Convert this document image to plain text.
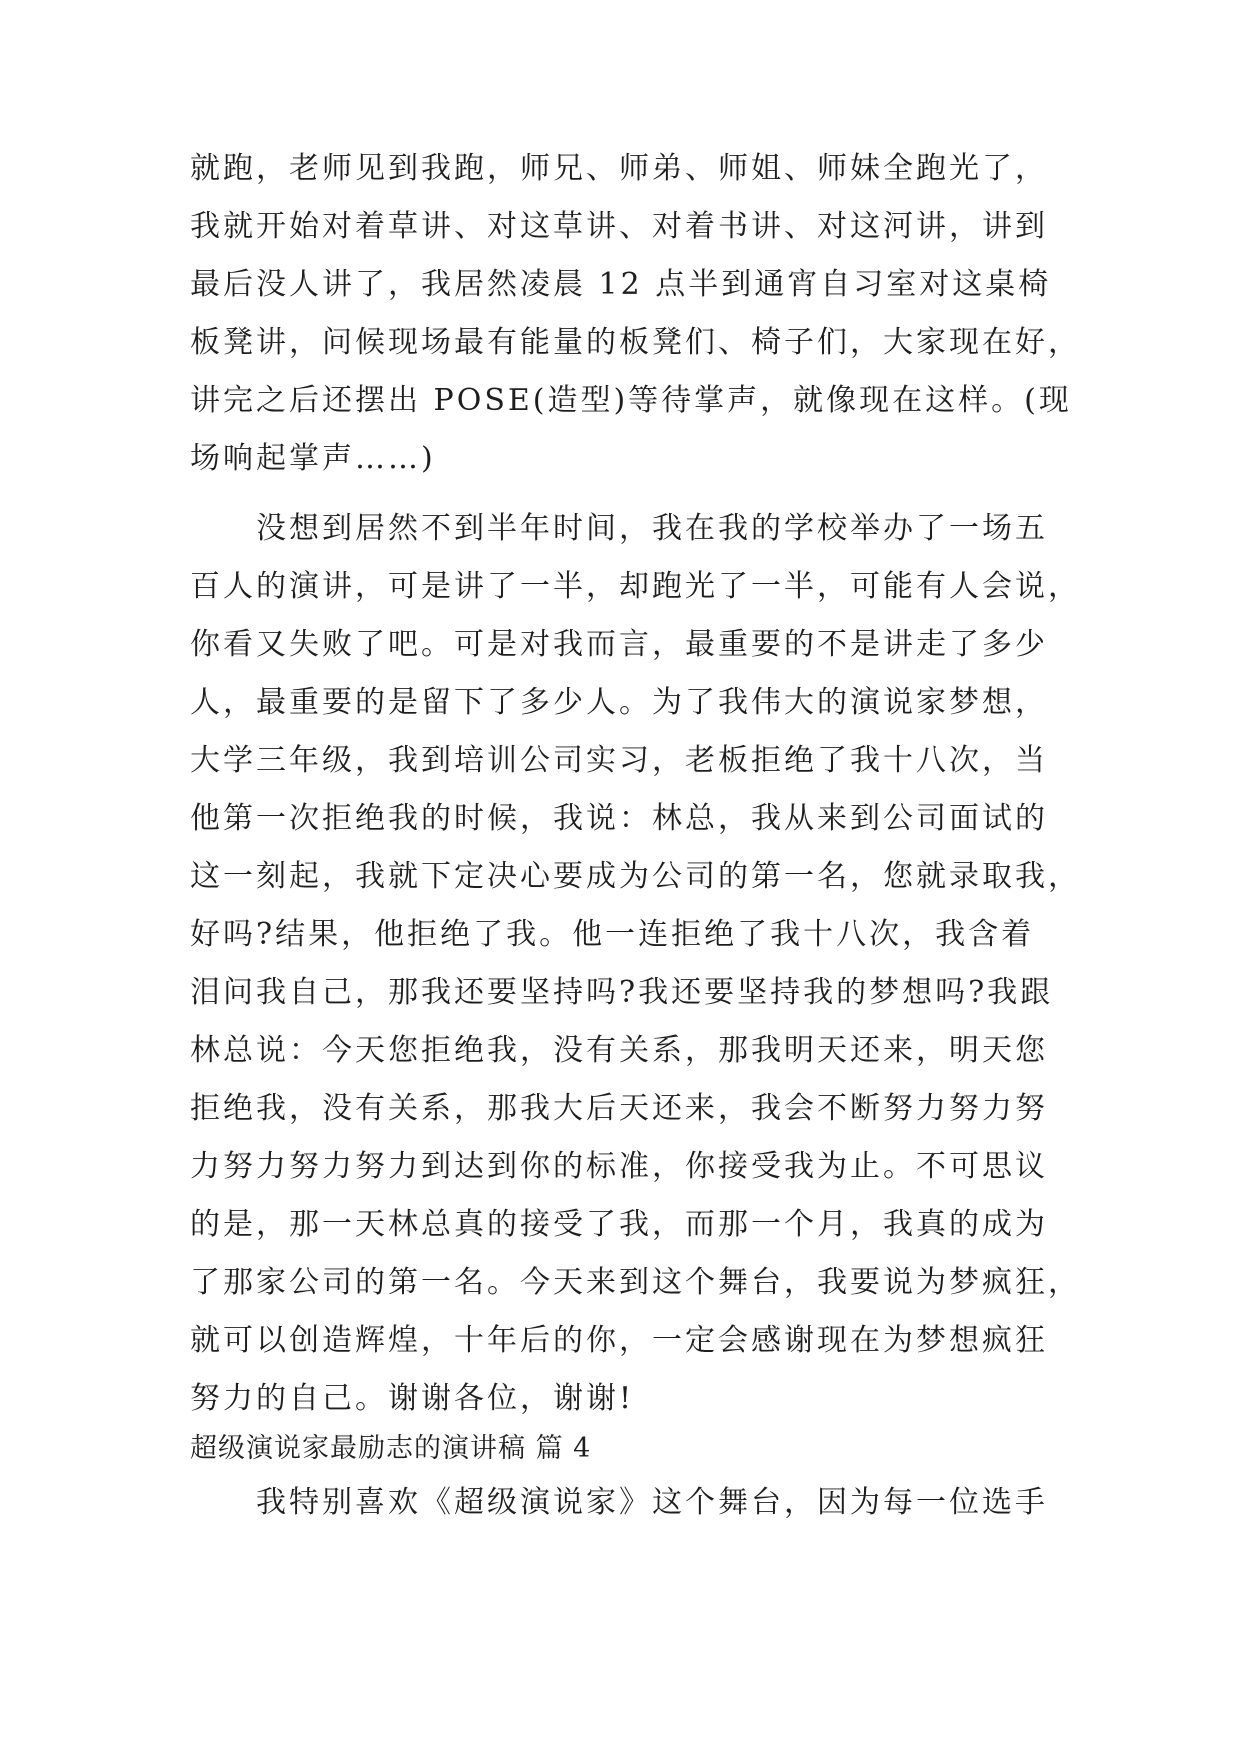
就跑，老师见到我跑，师兄、师弟、师姐、师妹全跑光了，
我就开始对着草讲、对这草讲、对着书讲、对这河讲，讲到
最后没人讲了，我居然凌晨 12 点半到通宵自习室对这桌椅
板凳讲，问候现场最有能量的板凳们、椅子们，大家现在好，
讲完之后还摆出 POSE(造型)等待掌声，就像现在这样。(现
场响起掌声……)
没想到居然不到半年时间，我在我的学校举办了一场五
百人的演讲，可是讲了一半，却跑光了一半，可能有人会说，
你看又失败了吧。可是对我而言，最重要的不是讲走了多少
人，最重要的是留下了多少人。为了我伟大的演说家梦想，
大学三年级，我到培训公司实习，老板拒绝了我十八次，当
他第一次拒绝我的时候，我说：林总，我从来到公司面试的
这一刻起，我就下定决心要成为公司的第一名，您就录取我，
好吗?结果，他拒绝了我。他一连拒绝了我十八次，我含着
泪问我自己，那我还要坚持吗?我还要坚持我的梦想吗?我跟
林总说：今天您拒绝我，没有关系，那我明天还来，明天您
拒绝我，没有关系，那我大后天还来，我会不断努力努力努
力努力努力努力到达到你的标准，你接受我为止。不可思议
的是，那一天林总真的接受了我，而那一个月，我真的成为
了那家公司的第一名。今天来到这个舞台，我要说为梦疯狂，
就可以创造辉煌，十年后的你，一定会感谢现在为梦想疯狂
努力的自己。谢谢各位，谢谢!
超级演说家最励志的演讲稿 篇 4
我特别喜欢《超级演说家》这个舞台，因为每一位选手
